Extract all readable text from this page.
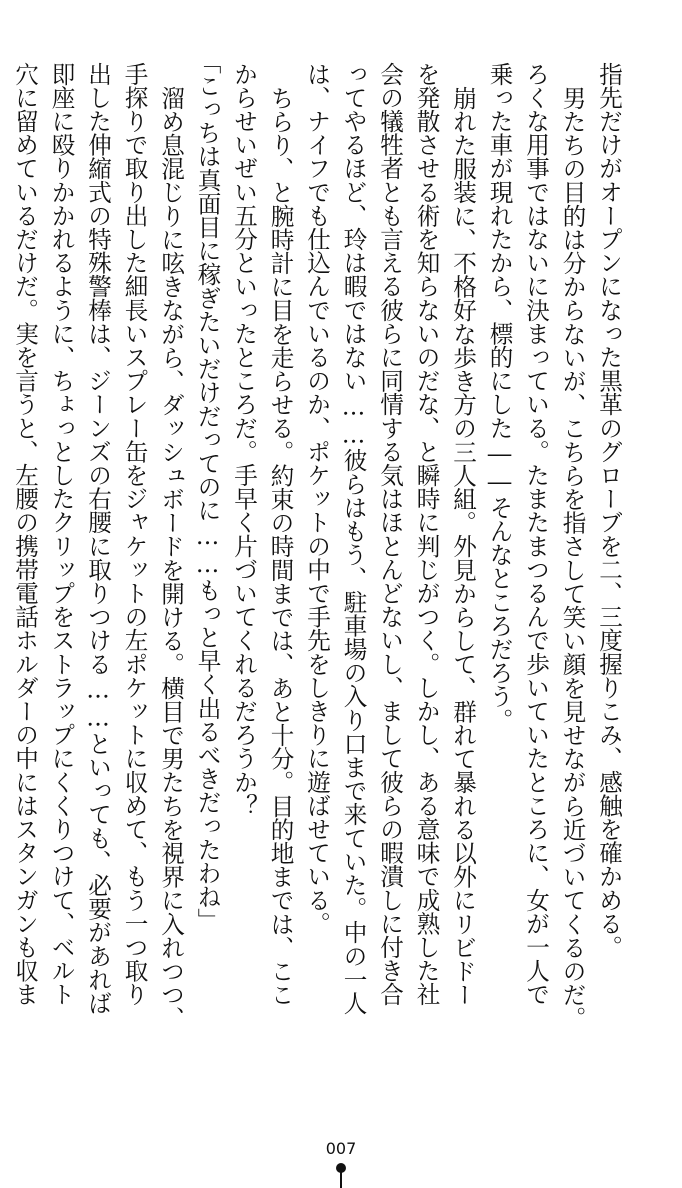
指先だけがオープンになった黒革のグローブを二、三度握りこみ、感触を確かめる。
男たちの目的は分からないが、こちらを指さして笑い顔を見せながら近づいてくるのだ。
ろくな用事ではないに決まっている。たまたまつるんで歩いていたところに、女が一人で
乗った車が現れたから、標的にした――そんなところだろう。
崩れた服装に、不格好な歩き方の三人組。外見からして、群れて暴れる以外にリビドー
を発散させる術を知らないのだな、と瞬時に判じがつく。しかし、ある意味で成熟した社
会の犠牲者とも言える彼らに同情する気はほとんどないし、まして彼らの暇潰しに付き合
ってやるほど、玲は暇ではない……彼らはもう、駐車場の入り口まで来ていた。中の一人
は、ナイフでも仕込んでいるのか、ポケットの中で手先をしきりに遊ばせている。
ちらり、と腕時計に目を走らせる。約束の時間までは、あと十分。目的地までは、ここ
からせいぜい五分といったところだ。手早く片づいてくれるだろうか？
「こっちは真面目に稼ぎたいだけだってのに……もっと早く出るべきだったわね」
溜め息混じりに呟きながら、ダッシュボードを開ける。横目で男たちを視界に入れつつ、
手探りで取り出した細長いスプレー缶をジャケットの左ポケットに収めて、もう一つ取り
出した伸縮式の特殊警棒は、ジーンズの右腰に取りつける……といっても、必要があれば
即座に殴りかかれるように、ちょっとしたクリップをストラップにくくりつけて、ベルト
穴に留めているだけだ。実を言うと、左腰の携帯電話ホルダーの中にはスタンガンも収ま
007
